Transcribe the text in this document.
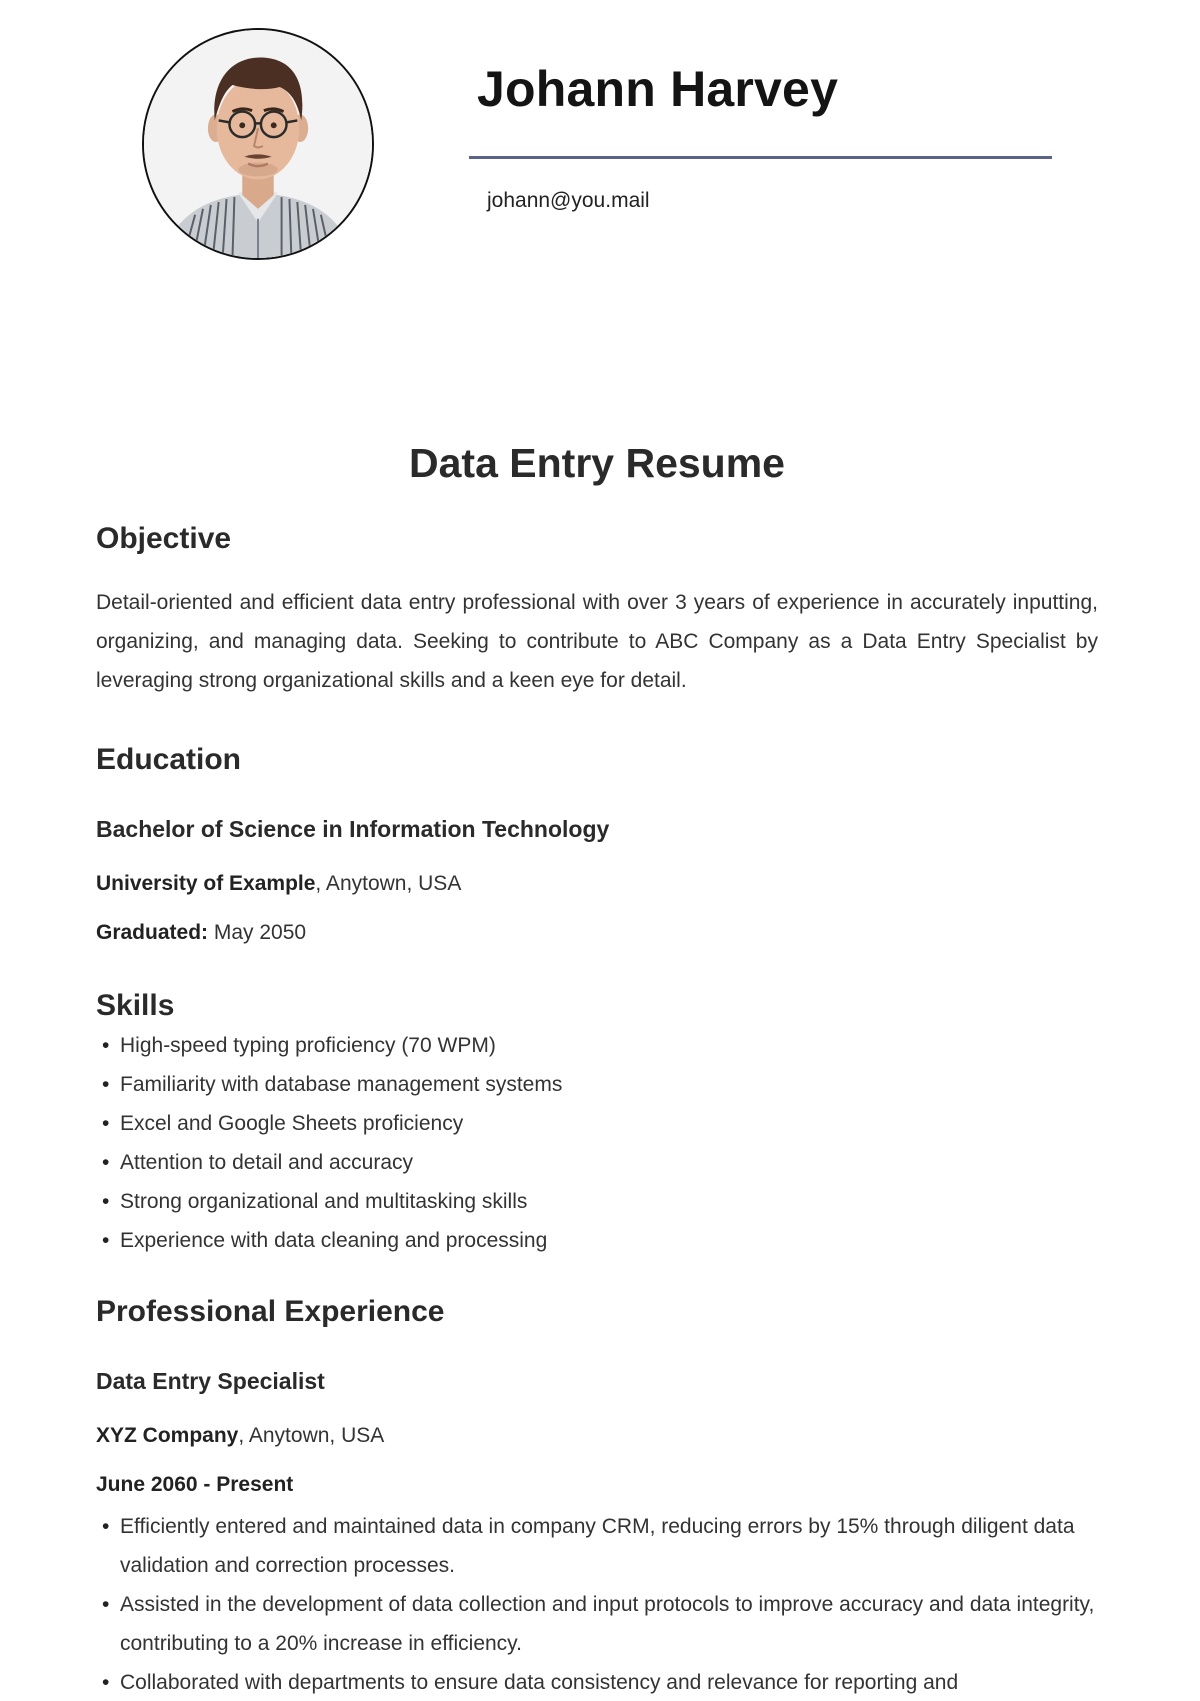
Johann Harvey
johann@you.mail
Data Entry Resume
Objective

Detail-oriented and efficient data entry professional with over 3 years of experience in accurately inputting, organizing, and managing data. Seeking to contribute to ABC Company as a Data Entry Specialist by leveraging strong organizational skills and a keen eye for detail.

Education

Bachelor of Science in Information Technology

University of Example, Anytown, USA

Graduated: May 2050

Skills
• High-speed typing proficiency (70 WPM)
• Familiarity with database management systems
• Excel and Google Sheets proficiency
• Attention to detail and accuracy
• Strong organizational and multitasking skills
• Experience with data cleaning and processing
Professional Experience

Data Entry Specialist

XYZ Company, Anytown, USA

June 2060 - Present

• Efficiently entered and maintained data in company CRM, reducing errors by 15% through diligent data validation and correction processes.
• Assisted in the development of data collection and input protocols to improve accuracy and data integrity, contributing to a 20% increase in efficiency.
• Collaborated with departments to ensure data consistency and relevance for reporting and
